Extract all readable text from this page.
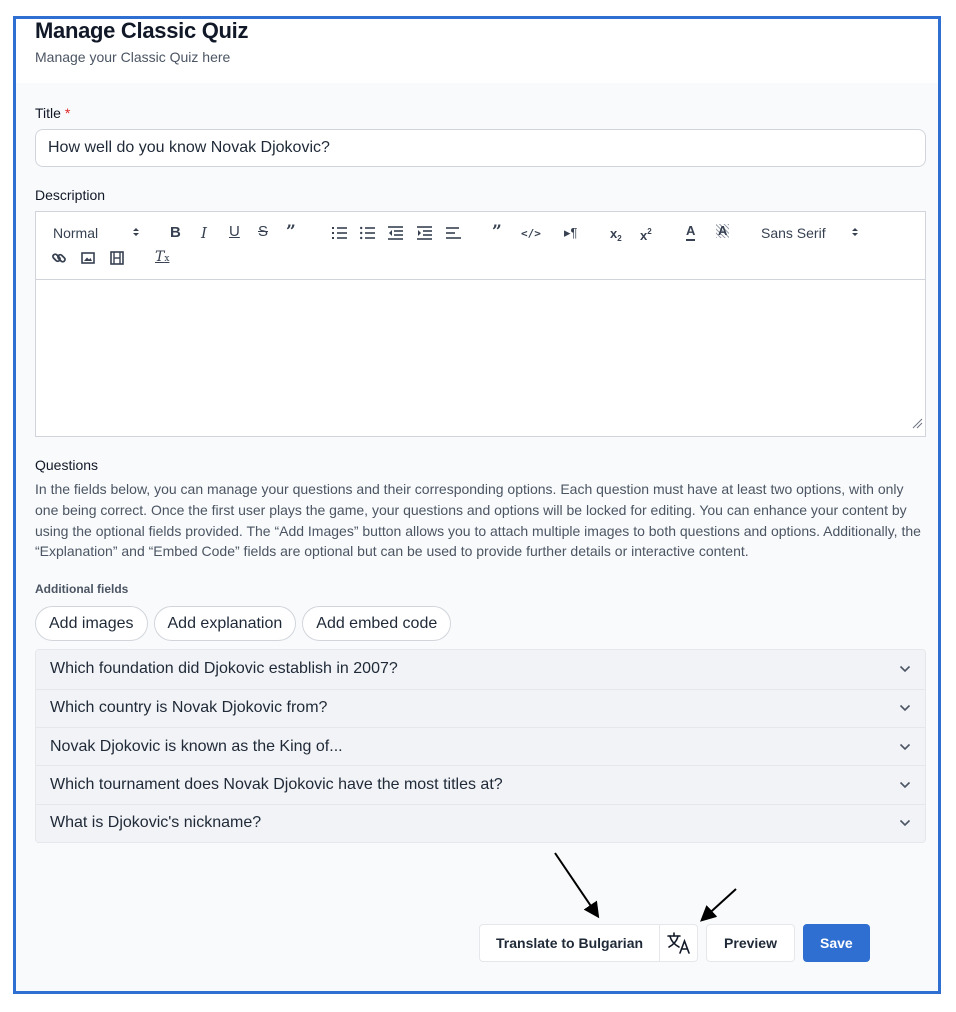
Manage Classic Quiz
Manage your Classic Quiz here
Title *
How well do you know Novak Djokovic?
Description
Normal	B I U S ”	” </> ▸¶ $x_2$ $x^2$	A A Sans Serif
Tx
Questions
In the fields below, you can manage your questions and their corresponding options. Each question must have at least two options, with only one being correct. Once the first user plays the game, your questions and options will be locked for editing. You can enhance your content by using the optional fields provided. The “Add Images” button allows you to attach multiple images to both questions and options. Additionally, the “Explanation” and “Embed Code” fields are optional but can be used to provide further details or interactive content.
Additional fields
Add images	Add explanation	Add embed code
Which foundation did Djokovic establish in 2007?
Which country is Novak Djokovic from?
Novak Djokovic is known as the King of...
Which tournament does Novak Djokovic have the most titles at?
What is Djokovic's nickname?
Translate to Bulgarian	Preview	Save
